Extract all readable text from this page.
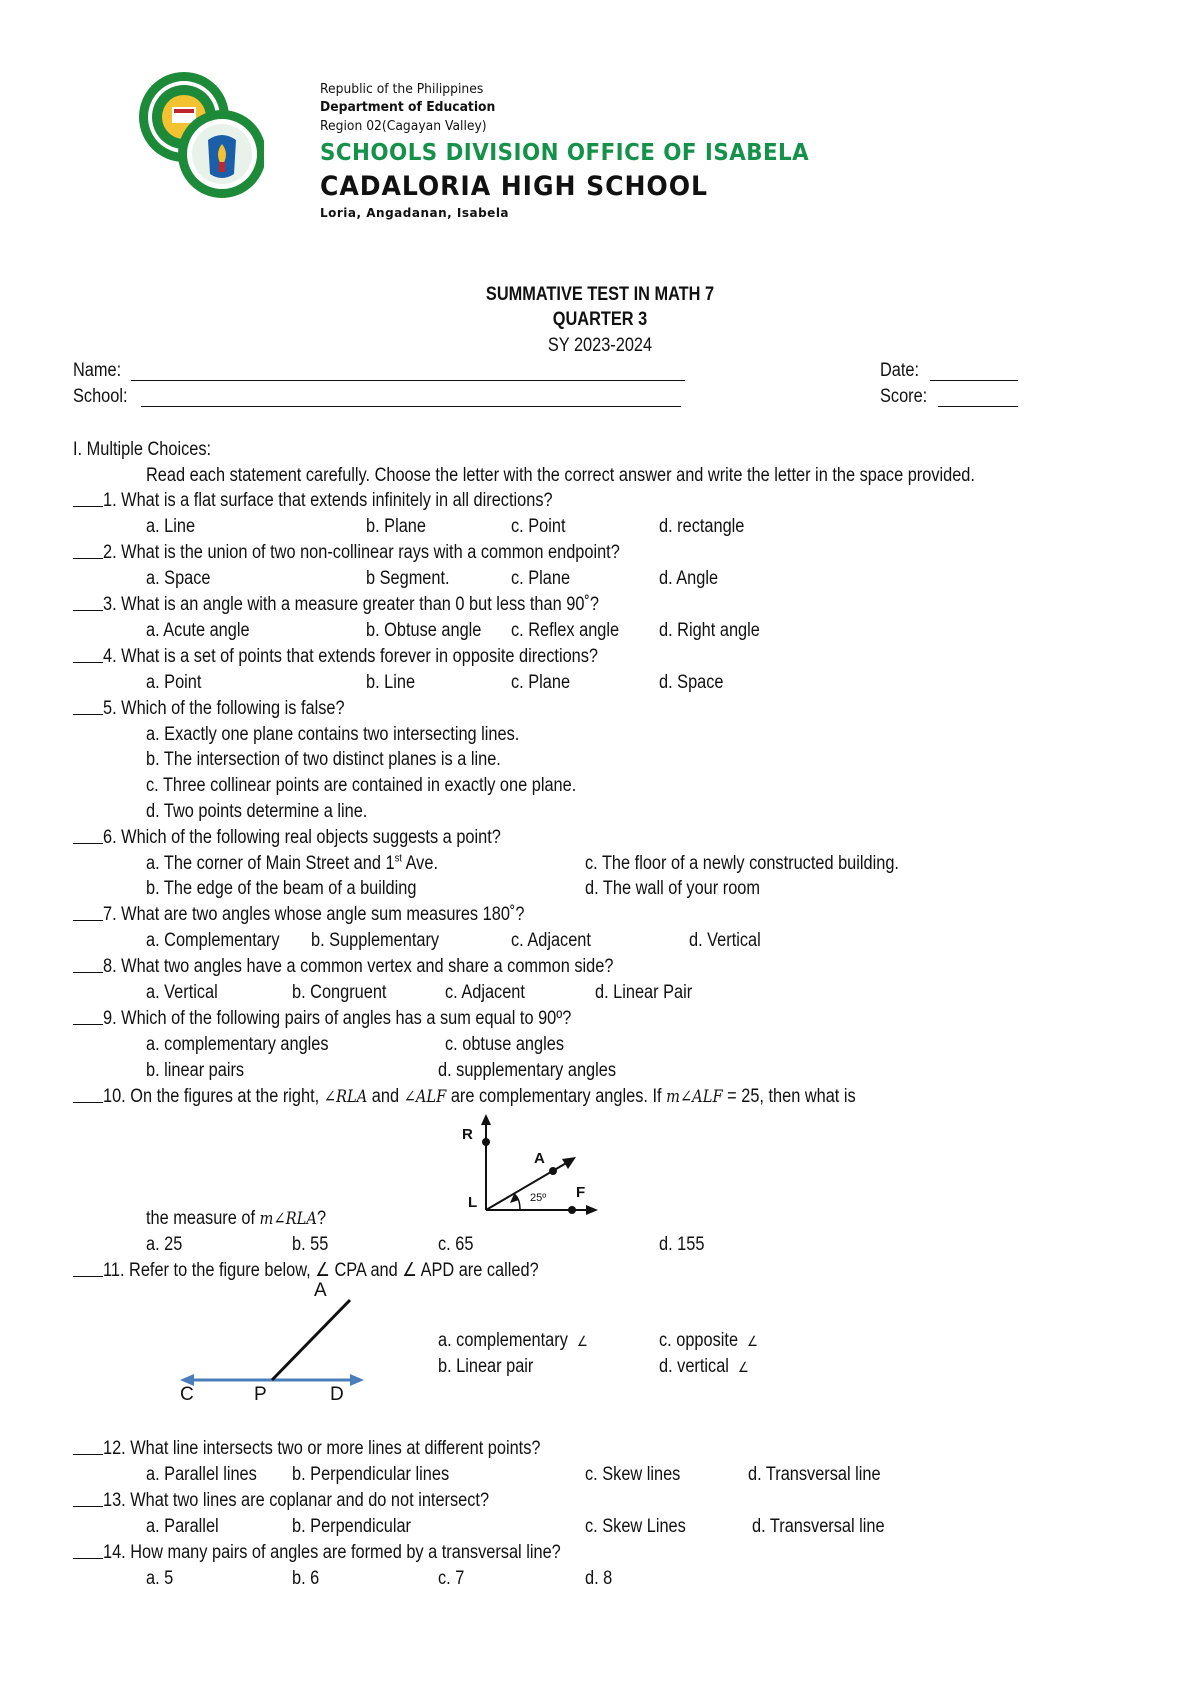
Republic of the Philippines
Department of Education
Region 02(Cagayan Valley)
SCHOOLS DIVISION OFFICE OF ISABELA
CADALORIA HIGH SCHOOL
Loria, Angadanan, Isabela
SUMMATIVE TEST IN MATH 7
QUARTER 3
SY 2023-2024
Name:	Date:
School:	Score:
I. Multiple Choices:
Read each statement carefully. Choose the letter with the correct answer and write the letter in the space provided.
1. What is a flat surface that extends infinitely in all directions?
a. Line	b. Plane	c. Point	d. rectangle
2. What is the union of two non-collinear rays with a common endpoint?
a. Space	b Segment.	c. Plane	d. Angle
3. What is an angle with a measure greater than 0 but less than 90˚?
a. Acute angle	b. Obtuse angle c. Reflex angle d. Right angle
4. What is a set of points that extends forever in opposite directions?
a. Point	b. Line	c. Plane	d. Space
5. Which of the following is false?
a. Exactly one plane contains two intersecting lines.
b. The intersection of two distinct planes is a line.
c. Three collinear points are contained in exactly one plane.
d. Two points determine a line.
6. Which of the following real objects suggests a point?
a. The corner of Main Street and 1st Ave.	c. The floor of a newly constructed building.
b. The edge of the beam of a building	d. The wall of your room
7. What are two angles whose angle sum measures 180˚?
a. Complementary b. Supplementary	c. Adjacent	d. Vertical
8. What two angles have a common vertex and share a common side?
a. Vertical	b. Congruent	c. Adjacent	d. Linear Pair
9. Which of the following pairs of angles has a sum equal to 90º?
a. complementary angles	c. obtuse angles
b. linear pairs	d. supplementary angles
10. On the figures at the right, ∠RLA and ∠ALF are complementary angles. If m∠ALF = 25, then what is
R
A
L
F
25º
the measure of m∠RLA?
a. 25	b. 55	c. 65	d. 155
11. Refer to the figure below, ∠ CPA and ∠ APD are called?
A
C	P	D
a. complementary ∠	c. opposite ∠
b. Linear pair	d. vertical ∠
12. What line intersects two or more lines at different points?
a. Parallel lines b. Perpendicular lines	c. Skew lines	d. Transversal line
13. What two lines are coplanar and do not intersect?
a. Parallel	b. Perpendicular	c. Skew Lines	d. Transversal line
14. How many pairs of angles are formed by a transversal line?
a. 5	b. 6	c. 7	d. 8
